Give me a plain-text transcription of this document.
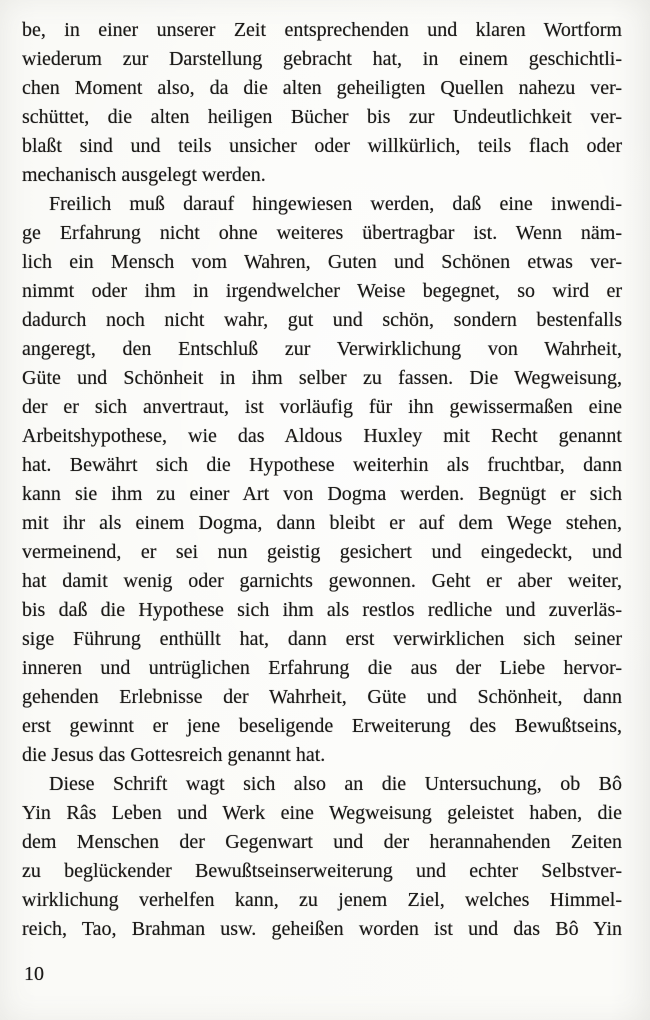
be, in einer unserer Zeit entsprechenden und klaren Wortform
wiederum zur Darstellung gebracht hat, in einem geschichtli-
chen Moment also, da die alten geheiligten Quellen nahezu ver-
schüttet, die alten heiligen Bücher bis zur Undeutlichkeit ver-
blaßt sind und teils unsicher oder willkürlich, teils flach oder
mechanisch ausgelegt werden.
Freilich muß darauf hingewiesen werden, daß eine inwendi-
ge Erfahrung nicht ohne weiteres übertragbar ist. Wenn näm-
lich ein Mensch vom Wahren, Guten und Schönen etwas ver-
nimmt oder ihm in irgendwelcher Weise begegnet, so wird er
dadurch noch nicht wahr, gut und schön, sondern bestenfalls
angeregt, den Entschluß zur Verwirklichung von Wahrheit,
Güte und Schönheit in ihm selber zu fassen. Die Wegweisung,
der er sich anvertraut, ist vorläufig für ihn gewissermaßen eine
Arbeitshypothese, wie das Aldous Huxley mit Recht genannt
hat. Bewährt sich die Hypothese weiterhin als fruchtbar, dann
kann sie ihm zu einer Art von Dogma werden. Begnügt er sich
mit ihr als einem Dogma, dann bleibt er auf dem Wege stehen,
vermeinend, er sei nun geistig gesichert und eingedeckt, und
hat damit wenig oder garnichts gewonnen. Geht er aber weiter,
bis daß die Hypothese sich ihm als restlos redliche und zuverläs-
sige Führung enthüllt hat, dann erst verwirklichen sich seiner
inneren und untrüglichen Erfahrung die aus der Liebe hervor-
gehenden Erlebnisse der Wahrheit, Güte und Schönheit, dann
erst gewinnt er jene beseligende Erweiterung des Bewußtseins,
die Jesus das Gottesreich genannt hat.
Diese Schrift wagt sich also an die Untersuchung, ob Bô
Yin Râs Leben und Werk eine Wegweisung geleistet haben, die
dem Menschen der Gegenwart und der herannahenden Zeiten
zu beglückender Bewußtseinserweiterung und echter Selbstver-
wirklichung verhelfen kann, zu jenem Ziel, welches Himmel-
reich, Tao, Brahman usw. geheißen worden ist und das Bô Yin
10
